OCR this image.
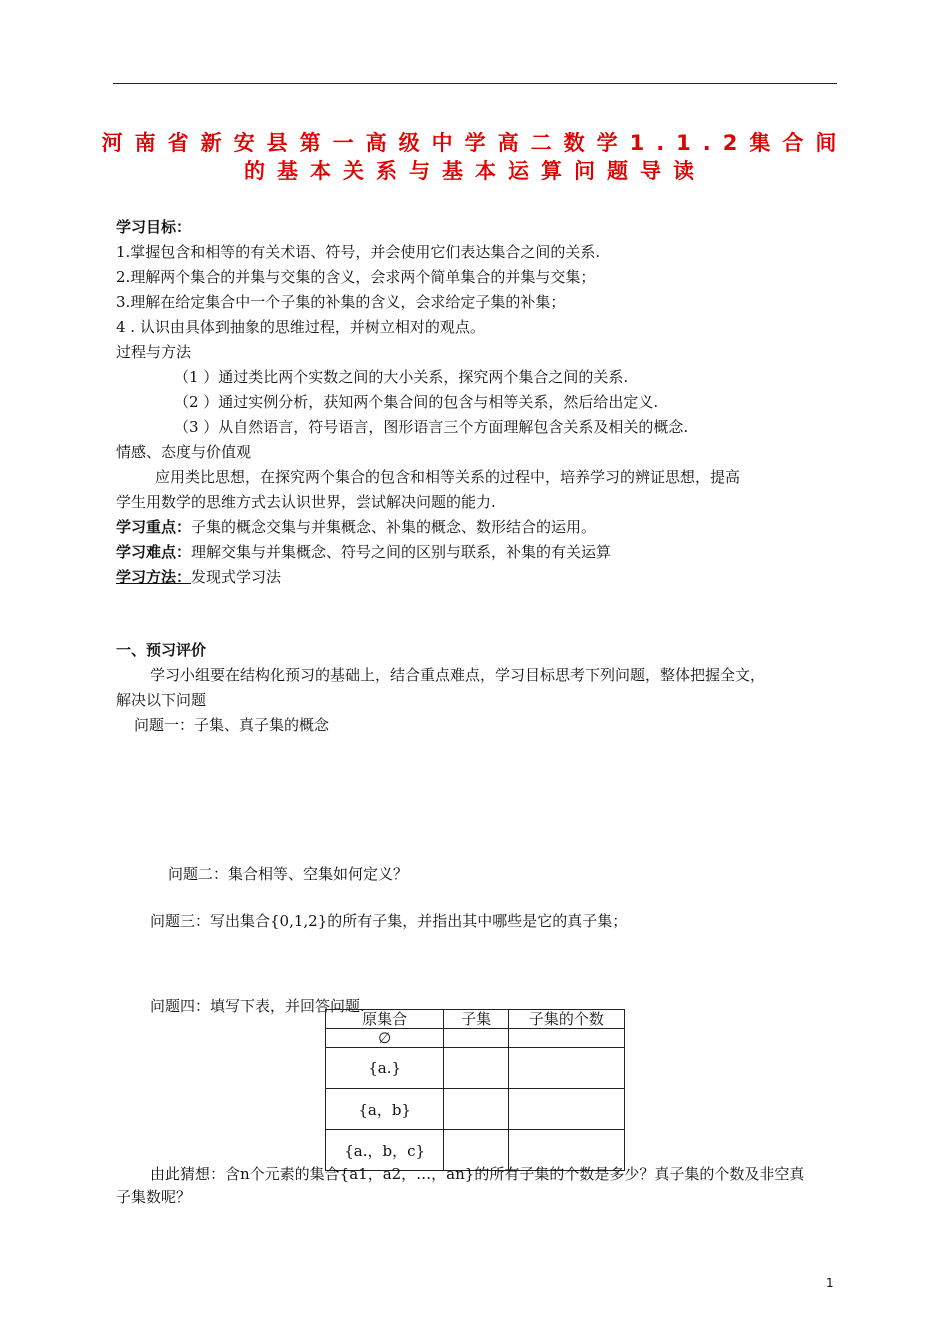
河南省新安县第一高级中学高二数学1.1.2集合间
的基本关系与基本运算问题导读
学习目标：
1.掌握包含和相等的有关术语、符号，并会使用它们表达集合之间的关系.
2.理解两个集合的并集与交集的含义，会求两个简单集合的并集与交集；
3.理解在给定集合中一个子集的补集的含义，会求给定子集的补集；
4 . 认识由具体到抽象的思维过程，并树立相对的观点。
过程与方法
（1 ）通过类比两个实数之间的大小关系，探究两个集合之间的关系.
（2 ）通过实例分析，获知两个集合间的包含与相等关系，然后给出定义.
（3 ）从自然语言，符号语言，图形语言三个方面理解包含关系及相关的概念.
情感、态度与价值观
应用类比思想，在探究两个集合的包含和相等关系的过程中，培养学习的辨证思想，提高
学生用数学的思维方式去认识世界，尝试解决问题的能力.
学习重点：子集的概念交集与并集概念、补集的概念、数形结合的运用。
学习难点：理解交集与并集概念、符号之间的区别与联系，补集的有关运算
学习方法：发现式学习法
一、预习评价
学习小组要在结构化预习的基础上，结合重点难点，学习目标思考下列问题，整体把握全文，
解决以下问题
问题一：子集、真子集的概念
问题二：集合相等、空集如何定义？
问题三：写出集合{0,1,2}的所有子集，并指出其中哪些是它的真子集；
问题四：填写下表，并回答问题.
原集合	子集	子集的个数
∅		
{a.}		
{a，b}		
{a.，b，c}		
由此猜想：含n个元素的集合{a1，a2，…，an}的所有子集的个数是多少？真子集的个数及非空真
子集数呢？
1
